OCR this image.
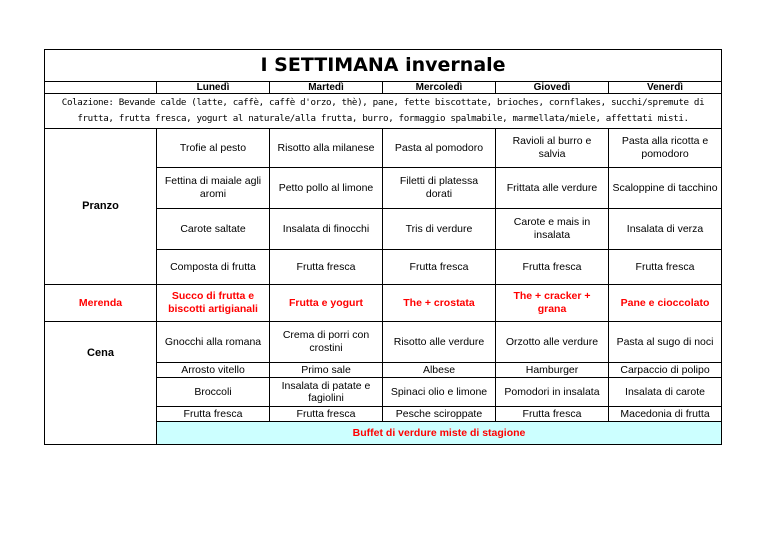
I SETTIMANA invernale					
	Lunedì	Martedì	Mercoledì	Giovedì	Venerdì
Colazione: Bevande calde (latte, caffè, caffè d'orzo, thè), pane, fette biscottate, brioches, cornflakes, succhi/spremute di frutta, frutta fresca, yogurt al naturale/alla frutta, burro, formaggio spalmabile, marmellata/miele, affettati misti.					
Pranzo	Trofie al pesto	Risotto alla milanese	Pasta al pomodoro	Ravioli al burro e salvia	Pasta alla ricotta e pomodoro
	Fettina di maiale agli aromi	Petto pollo al limone	Filetti di platessa dorati	Frittata alle verdure	Scaloppine di tacchino
	Carote saltate	Insalata di finocchi	Tris di verdure	Carote e mais in insalata	Insalata di verza
	Composta di frutta	Frutta fresca	Frutta fresca	Frutta fresca	Frutta fresca
Merenda	Succo di frutta e biscotti artigianali	Frutta e yogurt	The + crostata	The + cracker + grana	Pane e cioccolato
Cena	Gnocchi alla romana	Crema di porri con crostini	Risotto alle verdure	Orzotto alle verdure	Pasta al sugo di noci
	Arrosto vitello	Primo sale	Albese	Hamburger	Carpaccio di polipo
	Broccoli	Insalata di patate e fagiolini	Spinaci olio e limone	Pomodori in insalata	Insalata di carote
	Frutta fresca	Frutta fresca	Pesche sciroppate	Frutta fresca	Macedonia di frutta
	Buffet di verdure miste di stagione				
